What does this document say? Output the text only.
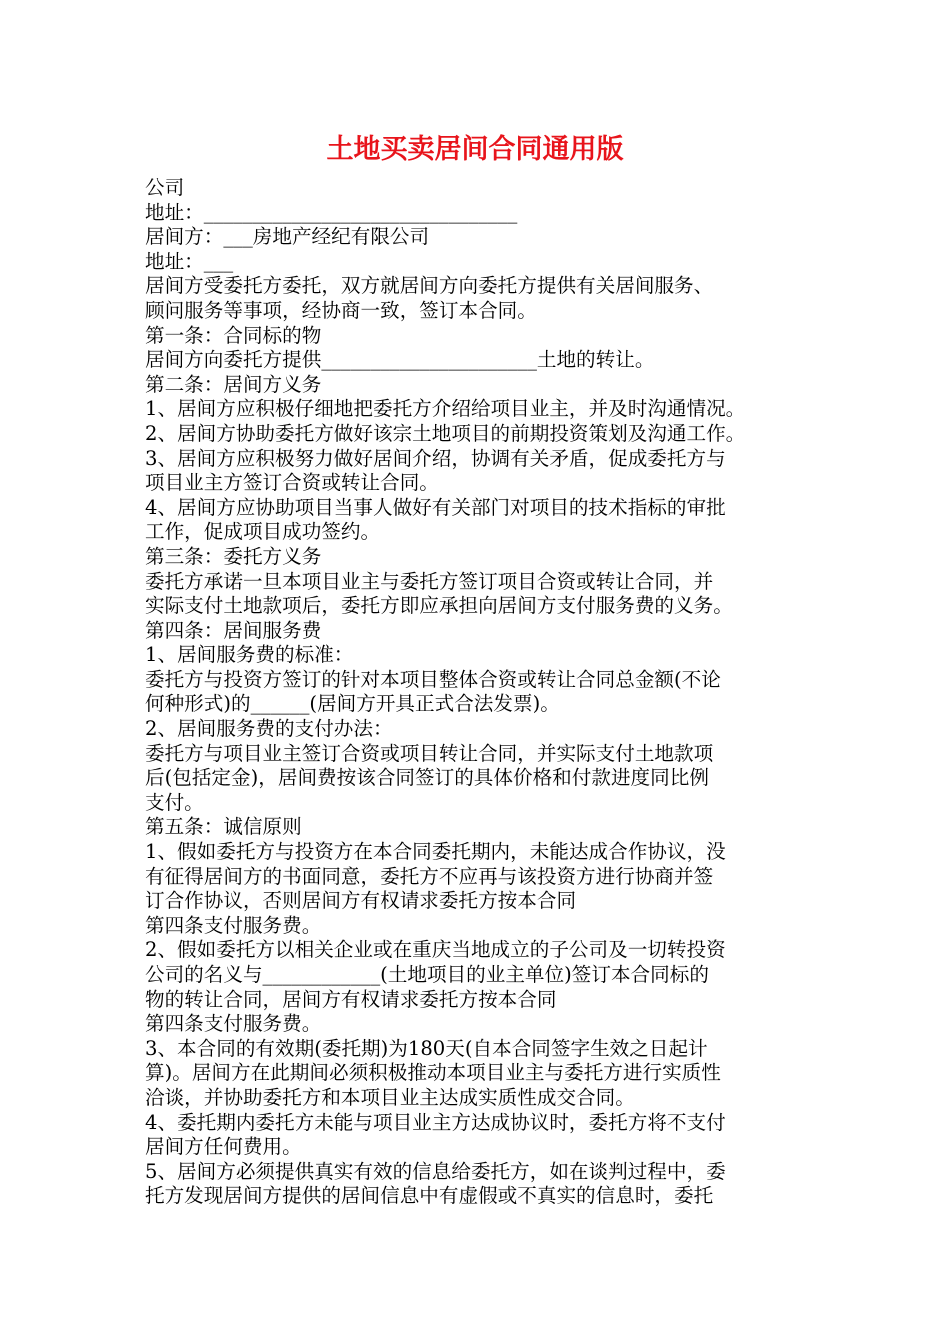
土地买卖居间合同通用版
公司
地址：________________________________
居间方：___房地产经纪有限公司
地址：___
居间方受委托方委托，双方就居间方向委托方提供有关居间服务、
顾问服务等事项，经协商一致，签订本合同。
第一条：合同标的物
居间方向委托方提供______________________土地的转让。
第二条：居间方义务
1、居间方应积极仔细地把委托方介绍给项目业主，并及时沟通情况。
2、居间方协助委托方做好该宗土地项目的前期投资策划及沟通工作。
3、居间方应积极努力做好居间介绍，协调有关矛盾，促成委托方与
项目业主方签订合资或转让合同。
4、居间方应协助项目当事人做好有关部门对项目的技术指标的审批
工作，促成项目成功签约。
第三条：委托方义务
委托方承诺一旦本项目业主与委托方签订项目合资或转让合同，并
实际支付土地款项后，委托方即应承担向居间方支付服务费的义务。
第四条：居间服务费
1、居间服务费的标准：
委托方与投资方签订的针对本项目整体合资或转让合同总金额(不论
何种形式)的______(居间方开具正式合法发票)。
2、居间服务费的支付办法：
委托方与项目业主签订合资或项目转让合同，并实际支付土地款项
后(包括定金)，居间费按该合同签订的具体价格和付款进度同比例
支付。
第五条：诚信原则
1、假如委托方与投资方在本合同委托期内，未能达成合作协议，没
有征得居间方的书面同意，委托方不应再与该投资方进行协商并签
订合作协议，否则居间方有权请求委托方按本合同
第四条支付服务费。
2、假如委托方以相关企业或在重庆当地成立的子公司及一切转投资
公司的名义与____________(土地项目的业主单位)签订本合同标的
物的转让合同，居间方有权请求委托方按本合同
第四条支付服务费。
3、本合同的有效期(委托期)为180天(自本合同签字生效之日起计
算)。居间方在此期间必须积极推动本项目业主与委托方进行实质性
洽谈，并协助委托方和本项目业主达成实质性成交合同。
4、委托期内委托方未能与项目业主方达成协议时，委托方将不支付
居间方任何费用。
5、居间方必须提供真实有效的信息给委托方，如在谈判过程中，委
托方发现居间方提供的居间信息中有虚假或不真实的信息时，委托
